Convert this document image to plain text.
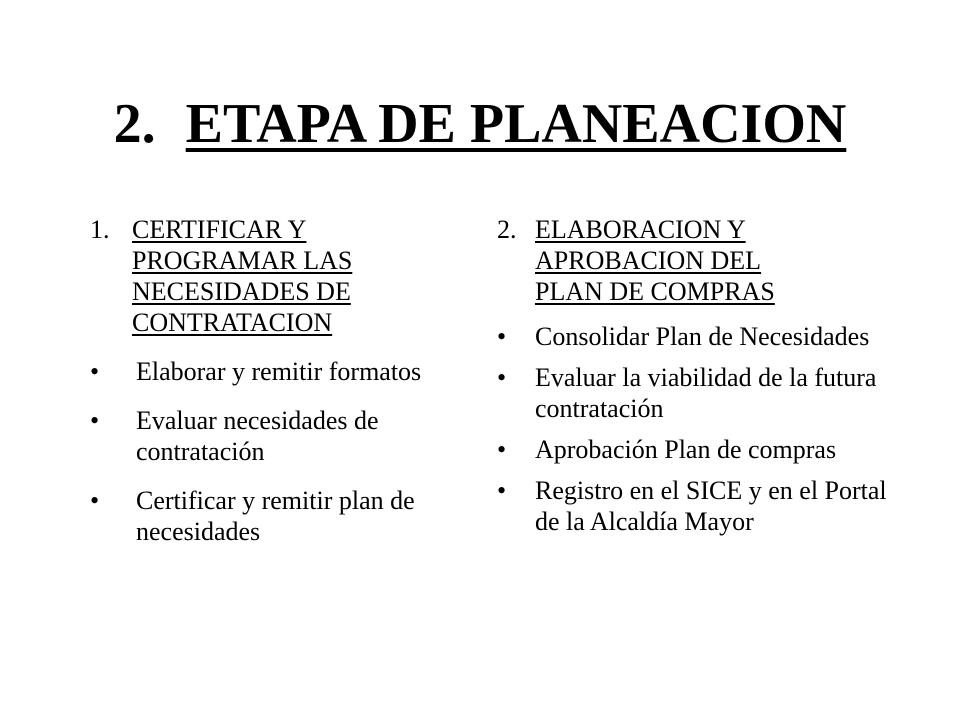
2. ETAPA DE PLANEACION
1. CERTIFICAR Y
PROGRAMAR LAS
NECESIDADES DE
CONTRATACION
• Elaborar y remitir formatos
• Evaluar necesidades de contratación
• Certificar y remitir plan de necesidades
2. ELABORACION Y
APROBACION DEL
PLAN DE COMPRAS
• Consolidar Plan de Necesidades
• Evaluar la viabilidad de la futura contratación
• Aprobación Plan de compras
• Registro en el SICE y en el Portal de la Alcaldía Mayor
